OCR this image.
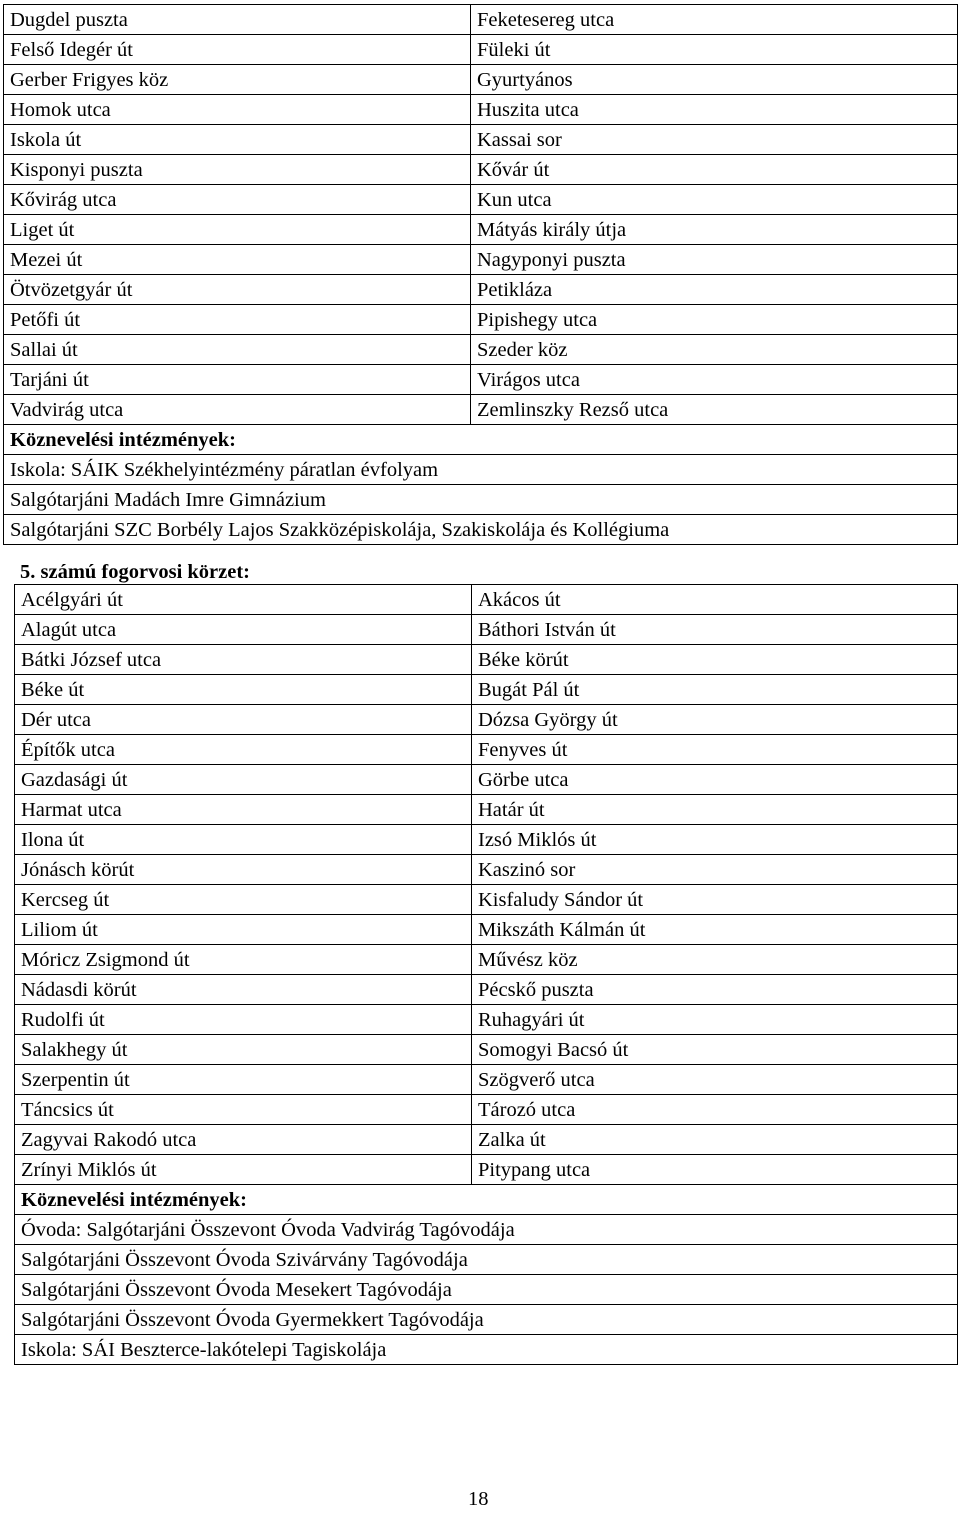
Dugdel puszta	Feketesereg utca
Felső Idegér út	Füleki út
Gerber Frigyes köz	Gyurtyános
Homok utca	Huszita utca
Iskola út	Kassai sor
Kisponyi puszta	Kővár út
Kővirág utca	Kun utca
Liget út	Mátyás király útja
Mezei út	Nagyponyi puszta
Ötvözetgyár út	Petikláza
Petőfi út	Pipishegy utca
Sallai út	Szeder köz
Tarjáni út	Virágos utca
Vadvirág utca	Zemlinszky Rezső utca
Köznevelési intézmények:	
Iskola: SÁIK Székhelyintézmény páratlan évfolyam	
Salgótarjáni Madách Imre Gimnázium	
Salgótarjáni SZC Borbély Lajos Szakközépiskolája, Szakiskolája és Kollégiuma	
5. számú fogorvosi körzet:
Acélgyári út	Akácos út
Alagút utca	Báthori István út
Bátki József utca	Béke körút
Béke út	Bugát Pál út
Dér utca	Dózsa György út
Építők utca	Fenyves út
Gazdasági út	Görbe utca
Harmat utca	Határ út
Ilona út	Izsó Miklós út
Jónásch körút	Kaszinó sor
Kercseg út	Kisfaludy Sándor út
Liliom út	Mikszáth Kálmán út
Móricz Zsigmond út	Művész köz
Nádasdi körút	Pécskő puszta
Rudolfi út	Ruhagyári út
Salakhegy út	Somogyi Bacsó út
Szerpentin út	Szögverő utca
Táncsics út	Tározó utca
Zagyvai Rakodó utca	Zalka út
Zrínyi Miklós út	Pitypang utca
Köznevelési intézmények:	
Óvoda: Salgótarjáni Összevont Óvoda Vadvirág Tagóvodája	
Salgótarjáni Összevont Óvoda Szivárvány Tagóvodája	
Salgótarjáni Összevont Óvoda Mesekert Tagóvodája	
Salgótarjáni Összevont Óvoda Gyermekkert Tagóvodája	
Iskola: SÁI Beszterce-lakótelepi Tagiskolája	
18
